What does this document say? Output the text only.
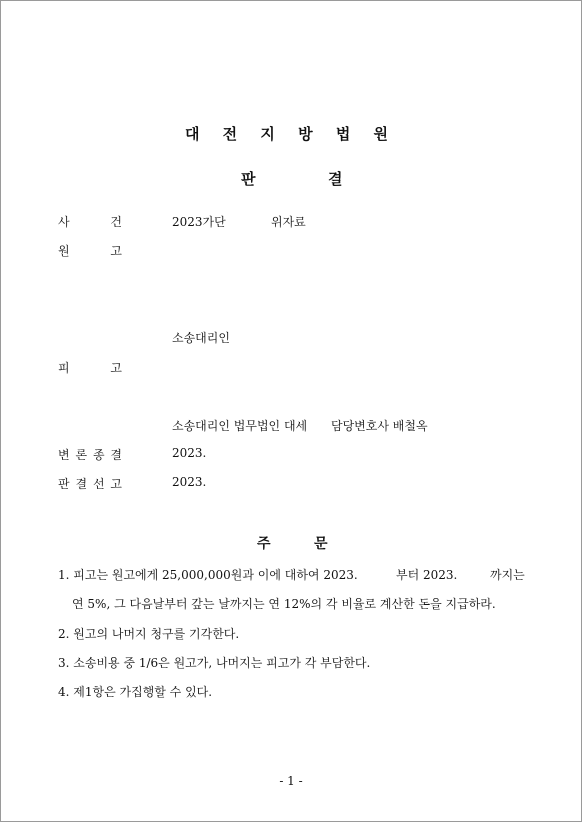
대 전 지 방 법 원
판	결
사	건	2023가단	위자료
원	고
소송대리인
피	고
소송대리인 법무법인 대세 담당변호사 배철옥
변 론 종 결	2023.
판 결 선 고	2023.
주	문
1. 피고는 원고에게 25,000,000원과 이에 대하여 2023.	부터 2023.	까지는
연 5%, 그 다음날부터 갚는 날까지는 연 12%의 각 비율로 계산한 돈을 지급하라.
2. 원고의 나머지 청구를 기각한다.
3. 소송비용 중 1/6은 원고가, 나머지는 피고가 각 부담한다.
4. 제1항은 가집행할 수 있다.
- 1 -
